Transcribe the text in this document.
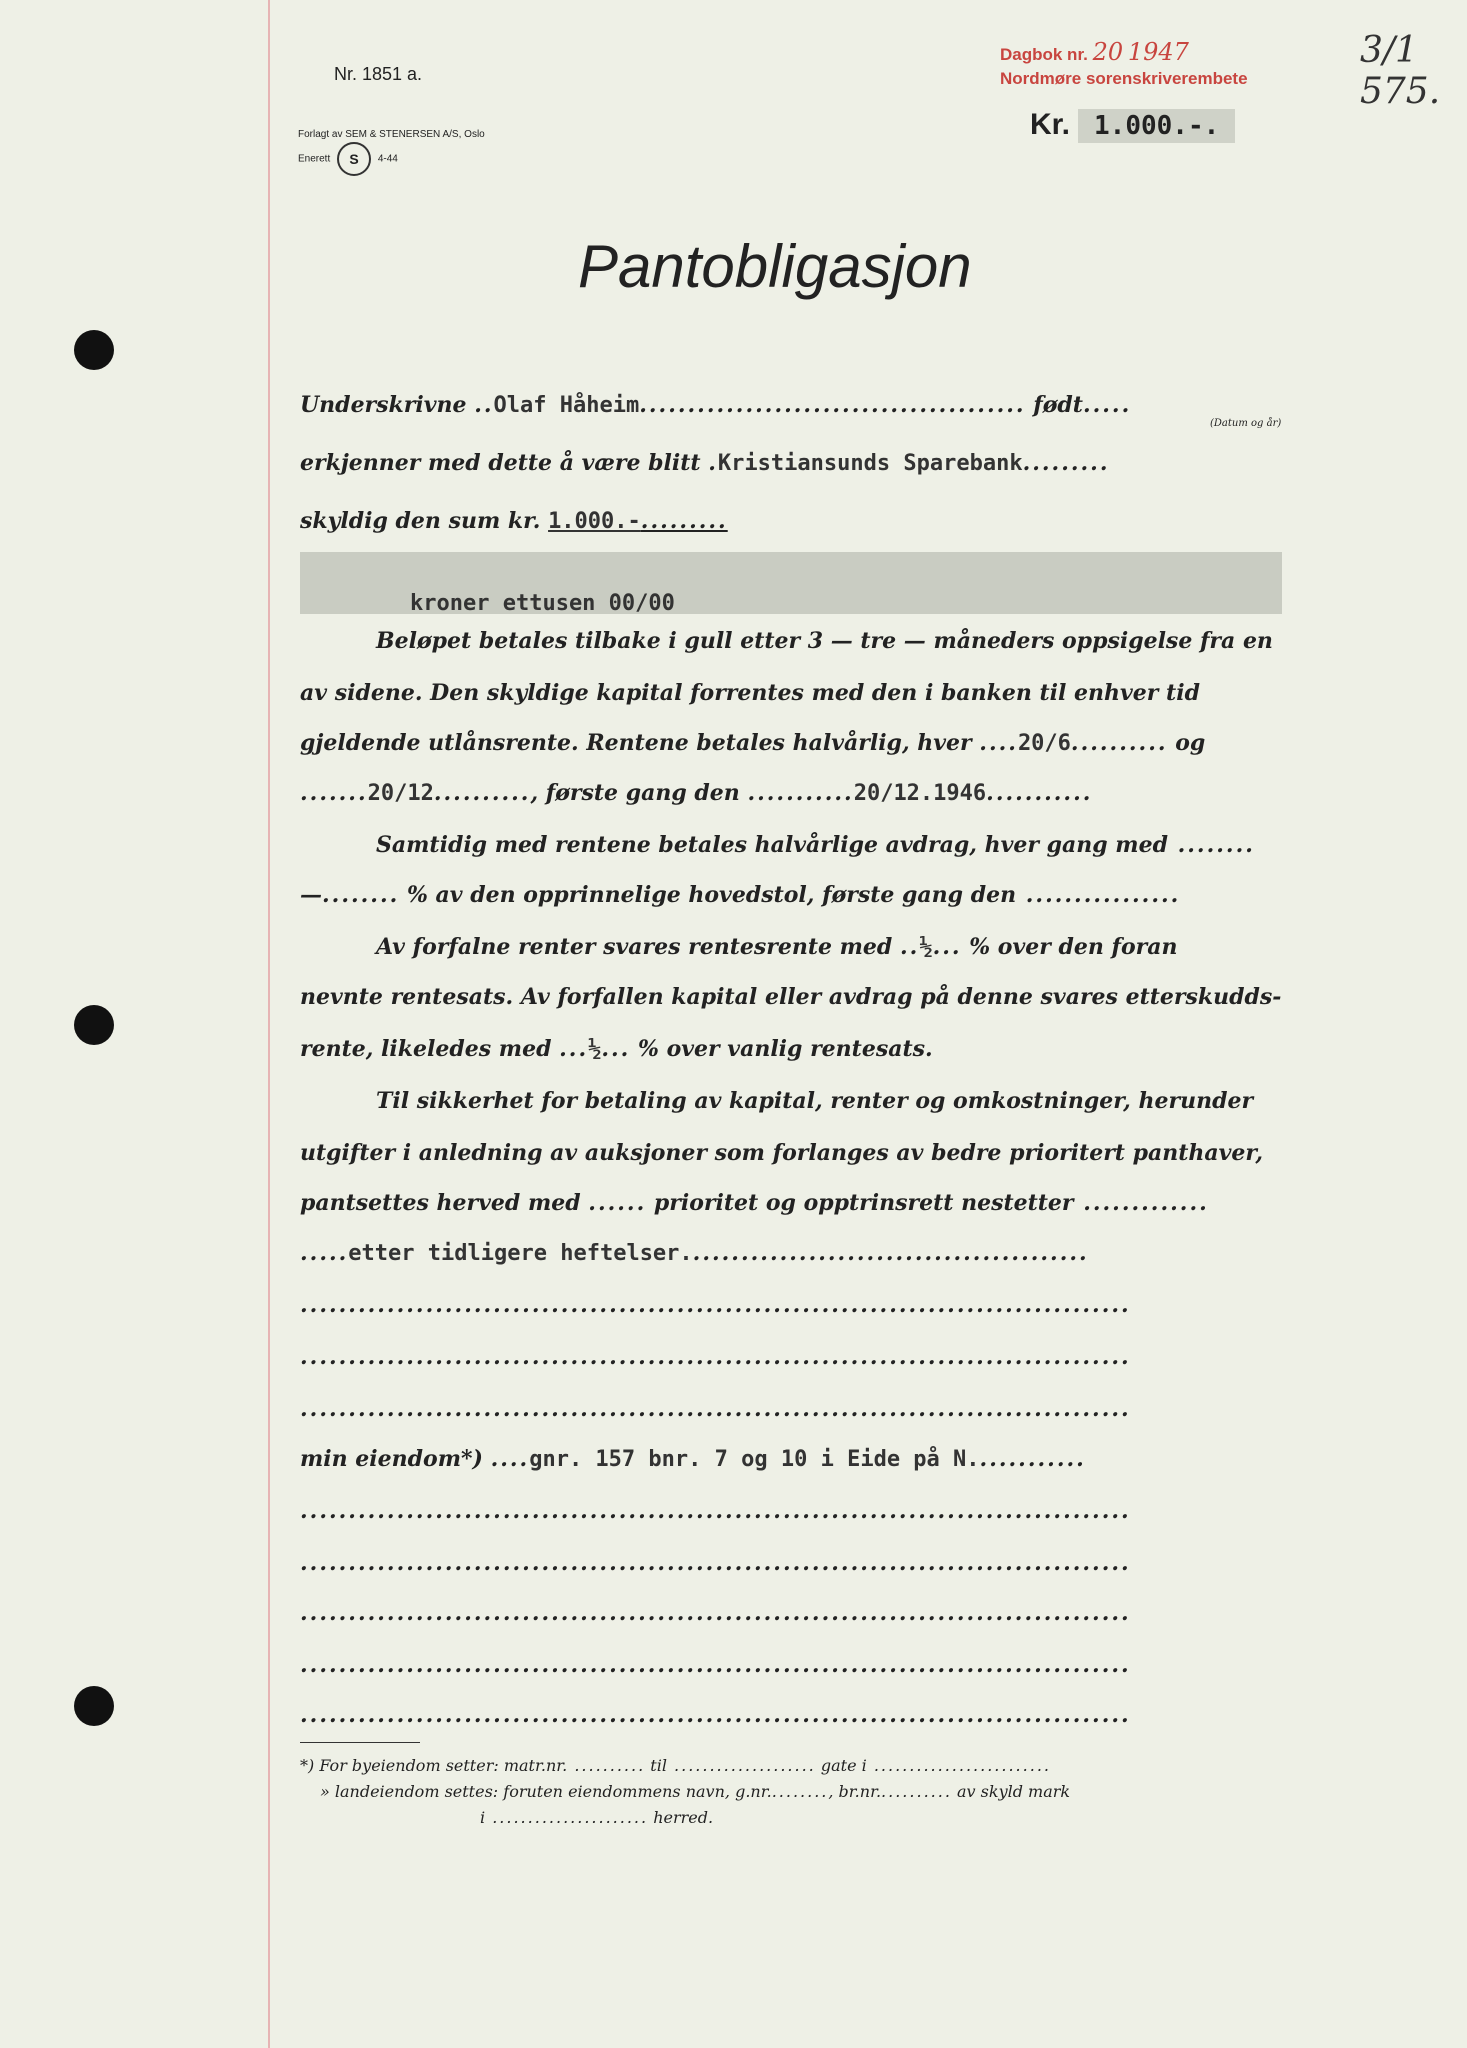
Dagbok nr. 20 1947
Nordmøre sorenskriverembete
3/1 575.
Nr. 1851 a.
Forlagt av SEM & STENERSEN A/S, Oslo
Enerett S 4-44
Kr. 1.000.-.
Pantobligasjon
Underskrivne ..Olaf Håheim........................................ født.....
(Datum og år)
erkjenner med dette å være blitt .Kristiansunds Sparebank.........
skyldig den sum kr. 1.000.-.........
kroner ettusen 00/00
Beløpet betales tilbake i gull etter 3 — tre — måneders oppsigelse fra en
av sidene. Den skyldige kapital forrentes med den i banken til enhver tid
gjeldende utlånsrente. Rentene betales halvårlig, hver ....20/6.......... og
.......20/12.........., første gang den ...........20/12.1946...........
Samtidig med rentene betales halvårlige avdrag, hver gang med ........
—........ % av den opprinnelige hovedstol, første gang den ................
Av forfalne renter svares rentesrente med ..½... % over den foran
nevnte rentesats. Av forfallen kapital eller avdrag på denne svares etterskudds-
rente, likeledes med ...½... % over vanlig rentesats.
Til sikkerhet for betaling av kapital, renter og omkostninger, herunder
utgifter i anledning av auksjoner som forlanges av bedre prioritert panthaver,
pantsettes herved med ...... prioritet og opptrinsrett nestetter .............
.....etter tidligere heftelser..........................................
......................................................................................
......................................................................................
......................................................................................
min eiendom*) ....gnr. 157 bnr. 7 og 10 i Eide på N............
......................................................................................
......................................................................................
......................................................................................
......................................................................................
......................................................................................
*) For byeiendom setter: matr.nr. .......... til .................... gate i .........................
» landeiendom settes: foruten eiendommens navn, g.nr........., br.nr........... av skyld mark
i ...................... herred.
